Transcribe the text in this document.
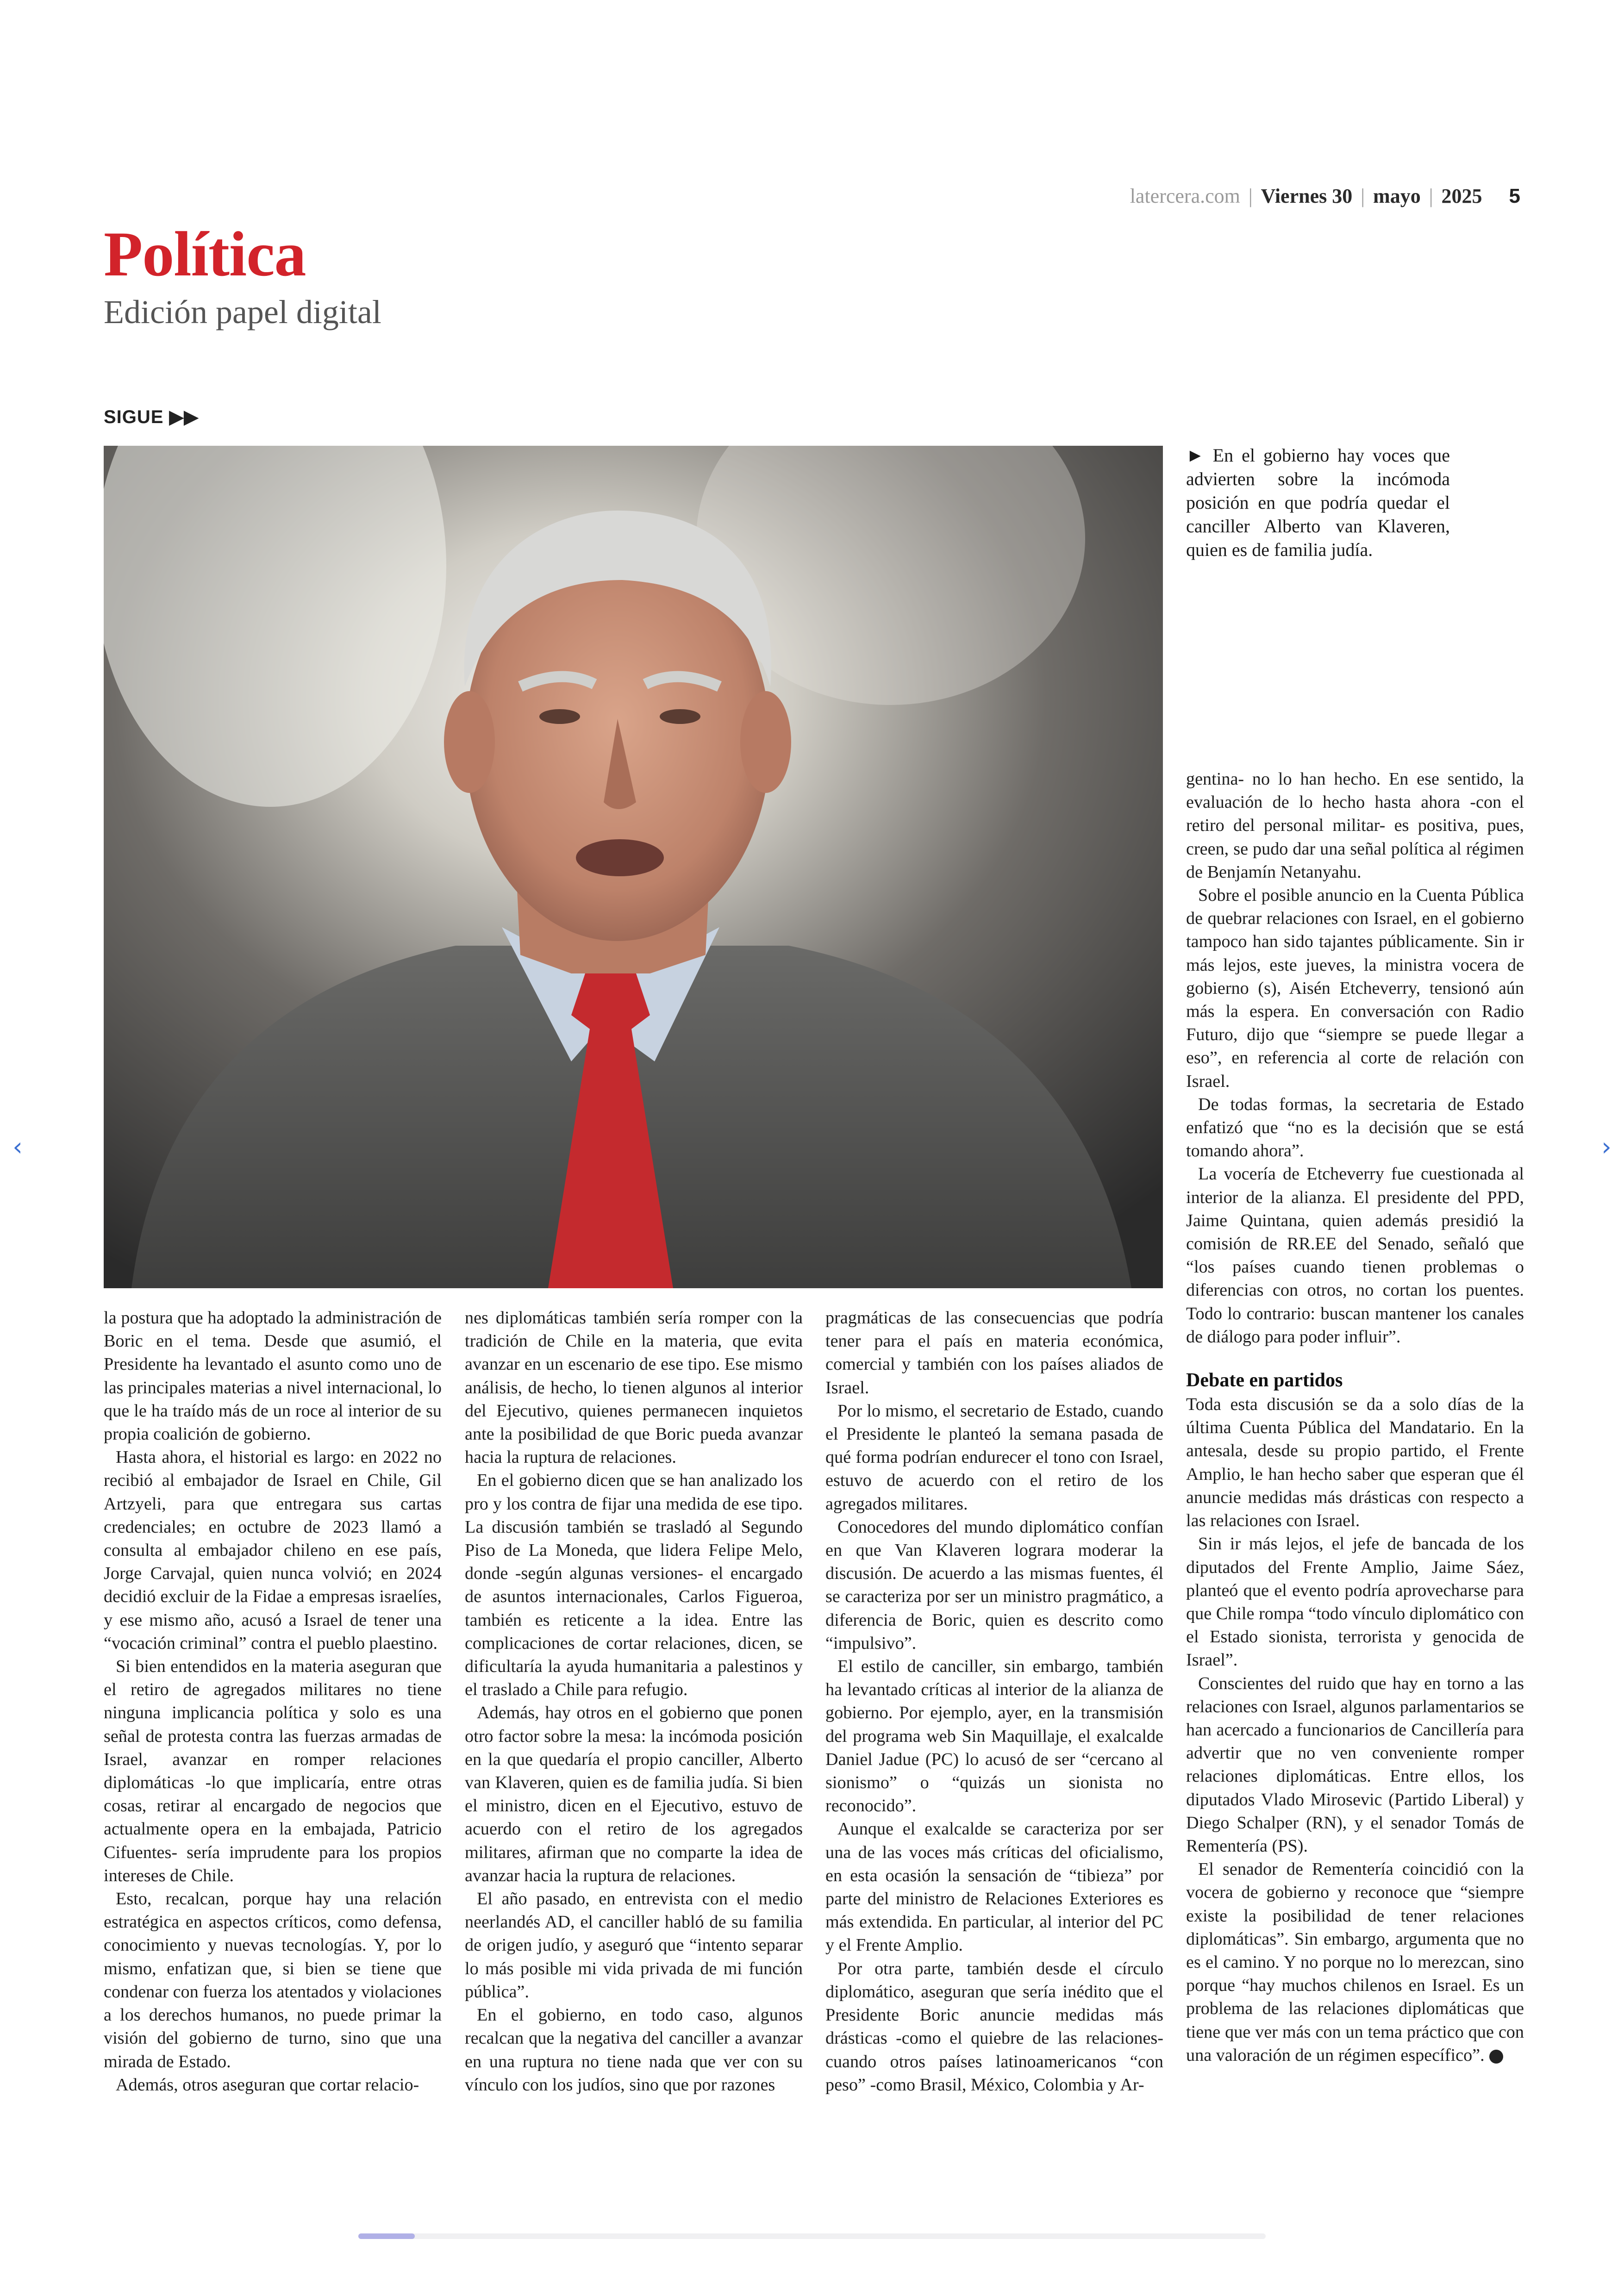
latercera.com | Viernes 30 | mayo | 2025 5
Política
Edición papel digital
SIGUE ▶▶
► En el gobierno hay voces que advierten sobre la incómoda posición en que podría quedar el canciller Alberto van Klaveren, quien es de familia judía.

la postura que ha adoptado la administración de Boric en el tema. Desde que asumió, el Presidente ha levantado el asunto como uno de las principales materias a nivel internacional, lo que le ha traído más de un roce al interior de su propia coalición de gobierno.

Hasta ahora, el historial es largo: en 2022 no recibió al embajador de Israel en Chile, Gil Artzyeli, para que entregara sus cartas credenciales; en octubre de 2023 llamó a consulta al embajador chileno en ese país, Jorge Carvajal, quien nunca volvió; en 2024 decidió excluir de la Fidae a empresas israelíes, y ese mismo año, acusó a Israel de tener una “vocación criminal” contra el pueblo plaestino.

Si bien entendidos en la materia aseguran que el retiro de agregados militares no tiene ninguna implicancia política y solo es una señal de protesta contra las fuerzas armadas de Israel, avanzar en romper relaciones diplomáticas -lo que implicaría, entre otras cosas, retirar al encargado de negocios que actualmente opera en la embajada, Patricio Cifuentes- sería imprudente para los propios intereses de Chile.

Esto, recalcan, porque hay una relación estratégica en aspectos críticos, como defensa, conocimiento y nuevas tecnologías. Y, por lo mismo, enfatizan que, si bien se tiene que condenar con fuerza los atentados y violaciones a los derechos humanos, no puede primar la visión del gobierno de turno, sino que una mirada de Estado.

Además, otros aseguran que cortar relacio-

nes diplomáticas también sería romper con la tradición de Chile en la materia, que evita avanzar en un escenario de ese tipo. Ese mismo análisis, de hecho, lo tienen algunos al interior del Ejecutivo, quienes permanecen inquietos ante la posibilidad de que Boric pueda avanzar hacia la ruptura de relaciones.

En el gobierno dicen que se han analizado los pro y los contra de fijar una medida de ese tipo. La discusión también se trasladó al Segundo Piso de La Moneda, que lidera Felipe Melo, donde -según algunas versiones- el encargado de asuntos internacionales, Carlos Figueroa, también es reticente a la idea. Entre las complicaciones de cortar relaciones, dicen, se dificultaría la ayuda humanitaria a palestinos y el traslado a Chile para refugio.

Además, hay otros en el gobierno que ponen otro factor sobre la mesa: la incómoda posición en la que quedaría el propio canciller, Alberto van Klaveren, quien es de familia judía. Si bien el ministro, dicen en el Ejecutivo, estuvo de acuerdo con el retiro de los agregados militares, afirman que no comparte la idea de avanzar hacia la ruptura de relaciones.

El año pasado, en entrevista con el medio neerlandés AD, el canciller habló de su familia de origen judío, y aseguró que “intento separar lo más posible mi vida privada de mi función pública”.

En el gobierno, en todo caso, algunos recalcan que la negativa del canciller a avanzar en una ruptura no tiene nada que ver con su vínculo con los judíos, sino que por razones

pragmáticas de las consecuencias que podría tener para el país en materia económica, comercial y también con los países aliados de Israel.

Por lo mismo, el secretario de Estado, cuando el Presidente le planteó la semana pasada de qué forma podrían endurecer el tono con Israel, estuvo de acuerdo con el retiro de los agregados militares.

Conocedores del mundo diplomático confían en que Van Klaveren lograrа moderar la discusión. De acuerdo a las mismas fuentes, él se caracteriza por ser un ministro pragmático, a diferencia de Boric, quien es descrito como “impulsivo”.

El estilo de canciller, sin embargo, también ha levantado críticas al interior de la alianza de gobierno. Por ejemplo, ayer, en la transmisión del programa web Sin Maquillaje, el exalcalde Daniel Jadue (PC) lo acusó de ser “cercano al sionismo” o “quizás un sionista no reconocido”.

Aunque el exalcalde se caracteriza por ser una de las voces más críticas del oficialismo, en esta ocasión la sensación de “tibieza” por parte del ministro de Relaciones Exteriores es más extendida. En particular, al interior del PC y el Frente Amplio.

Por otra parte, también desde el círculo diplomático, aseguran que sería inédito que el Presidente Boric anuncie medidas más drásticas -como el quiebre de las relaciones- cuando otros países latinoamericanos “con peso” -como Brasil, México, Colombia y Ar-

gentina- no lo han hecho. En ese sentido, la evaluación de lo hecho hasta ahora -con el retiro del personal militar- es positiva, pues, creen, se pudo dar una señal política al régimen de Benjamín Netanyahu.

Sobre el posible anuncio en la Cuenta Pública de quebrar relaciones con Israel, en el gobierno tampoco han sido tajantes públicamente. Sin ir más lejos, este jueves, la ministra vocera de gobierno (s), Aisén Etcheverry, tensionó aún más la espera. En conversación con Radio Futuro, dijo que “siempre se puede llegar a eso”, en referencia al corte de relación con Israel.

De todas formas, la secretaria de Estado enfatizó que “no es la decisión que se está tomando ahora”.

La vocería de Etcheverry fue cuestionada al interior de la alianza. El presidente del PPD, Jaime Quintana, quien además presidió la comisión de RR.EE del Senado, señaló que “los países cuando tienen problemas o diferencias con otros, no cortan los puentes. Todo lo contrario: buscan mantener los canales de diálogo para poder influir”.

Debate en partidos

Toda esta discusión se da a solo días de la última Cuenta Pública del Mandatario. En la antesala, desde su propio partido, el Frente Amplio, le han hecho saber que esperan que él anuncie medidas más drásticas con respecto a las relaciones con Israel.

Sin ir más lejos, el jefe de bancada de los diputados del Frente Amplio, Jaime Sáez, planteó que el evento podría aprovecharse para que Chile rompa “todo vínculo diplomático con el Estado sionista, terrorista y genocida de Israel”.

Conscientes del ruido que hay en torno a las relaciones con Israel, algunos parlamentarios se han acercado a funcionarios de Cancillería para advertir que no ven conveniente romper relaciones diplomáticas. Entre ellos, los diputados Vlado Mirosevic (Partido Liberal) y Diego Schalper (RN), y el senador Tomás de Rementería (PS).

El senador de Rementería coincidió con la vocera de gobierno y reconoce que “siempre existe la posibilidad de tener relaciones diplomáticas”. Sin embargo, argumenta que no es el camino. Y no porque no lo merezcan, sino porque “hay muchos chilenos en Israel. Es un problema de las relaciones diplomáticas que tiene que ver más con un tema práctico que con una valoración de un régimen específico”.

‹	›
